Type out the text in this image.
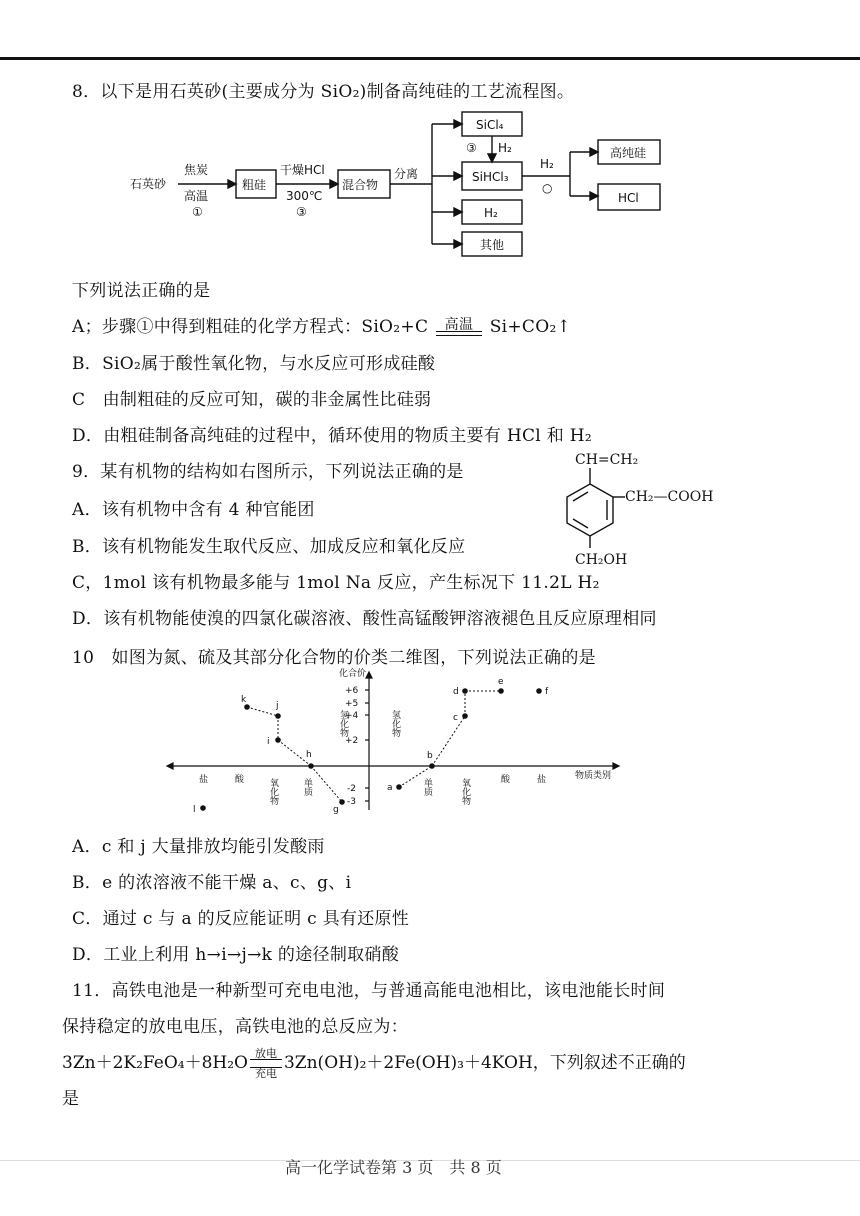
8．以下是用石英砂(主要成分为 SiO₂)制备高纯硅的工艺流程图。
石英砂
焦炭
高温
①
粗硅
干燥HCl
300℃
③
混合物
分离
SiCl₄
SiHCl₃
H₂
其他
③ H₂
H₂
○
高纯硅
HCl
下列说法正确的是
A；步骤①中得到粗硅的化学方程式：SiO₂+C	高温 Si+CO₂↑
B．SiO₂属于酸性氧化物，与水反应可形成硅酸
C　由制粗硅的反应可知，碳的非金属性比硅弱
D．由粗硅制备高纯硅的过程中，循环使用的物质主要有 HCl 和 H₂
9．某有机物的结构如右图所示，下列说法正确的是
A．该有机物中含有 4 种官能团
B．该有机物能发生取代反应、加成反应和氧化反应
C，1mol 该有机物最多能与 1mol Na 反应，产生标况下 11.2L H₂
D．该有机物能使溴的四氯化碳溶液、酸性高锰酸钾溶液褪色且反应原理相同
CH=CH₂
CH₂—COOH
CH₂OH
10　如图为氮、硫及其部分化合物的价类二维图，下列说法正确的是
化合价
物质类别
+6
+5
+4
+2
-2
-3
k
j
i
h
g
l
d
e
c
b
a
f
盐	酸	氧化物	单质	单质	氧化物	酸	盐
氢化物	氢化物
A．c 和 j 大量排放均能引发酸雨
B．e 的浓溶液不能干燥 a、c、g、i
C．通过 c 与 a 的反应能证明 c 具有还原性
D．工业上利用 h→i→j→k 的途径制取硝酸
11．高铁电池是一种新型可充电电池，与普通高能电池相比，该电池能长时间
保持稳定的放电电压，高铁电池的总反应为：
3Zn＋2K₂FeO₄＋8H₂O 放电
充电
3Zn(OH)₂＋2Fe(OH)₃＋4KOH，下列叙述不正确的
是
高一化学试卷第 3 页　共 8 页
